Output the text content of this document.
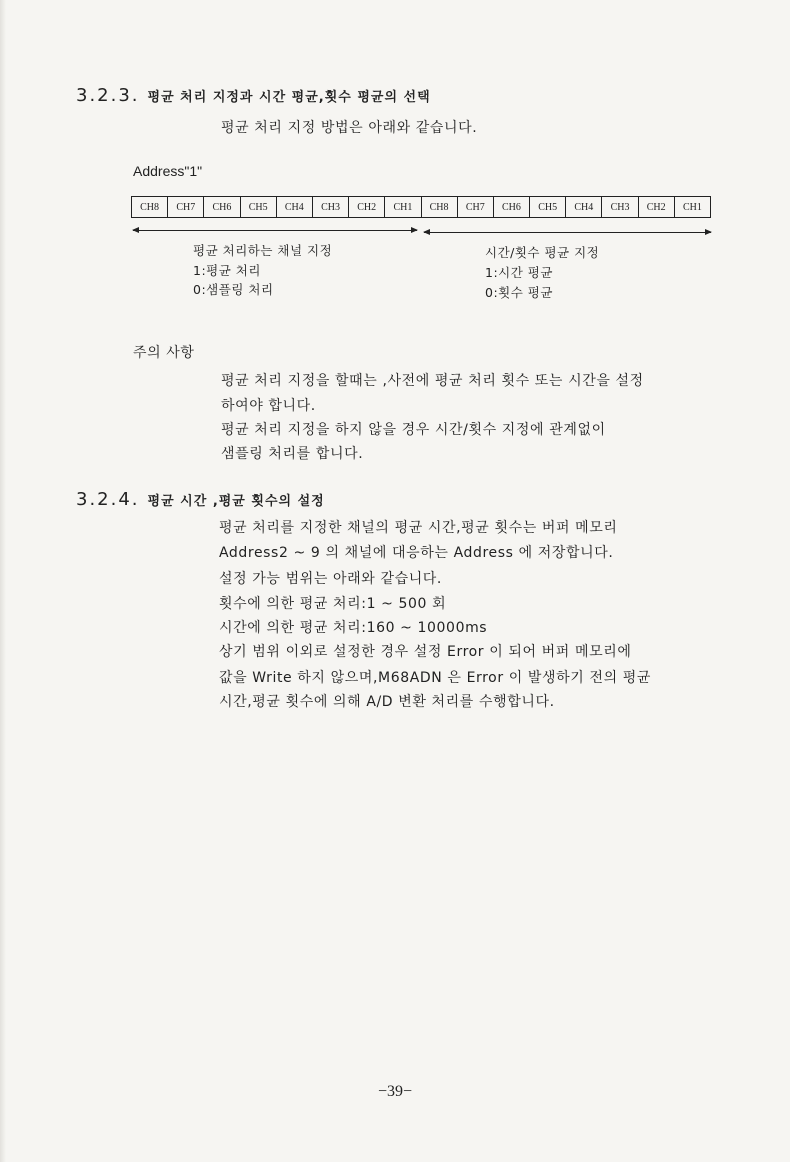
3.2.3. 평균 처리 지정과 시간 평균,횟수 평균의 선택
평균 처리 지정 방법은 아래와 같습니다.
Address"1"
CH8	CH7	CH6	CH5	CH4	CH3	CH2	CH1	CH8	CH7	CH6	CH5	CH4	CH3	CH2	CH1
평균 처리하는 채널 지정
1:평균 처리
0:샘플링 처리
시간/횟수 평균 지정
1:시간 평균
0:횟수 평균
주의 사항
평균 처리 지정을 할때는 ,사전에 평균 처리 횟수 또는 시간을 설정
하여야 합니다.
평균 처리 지정을 하지 않을 경우 시간/횟수 지정에 관계없이
샘플링 처리를 합니다.
3.2.4. 평균 시간 ,평균 횟수의 설정
평균 처리를 지정한 채널의 평균 시간,평균 횟수는 버퍼 메모리
Address2 ~ 9 의 채널에 대응하는 Address 에 저장합니다.
설정 가능 범위는 아래와 같습니다.
횟수에 의한 평균 처리:1 ~ 500 회
시간에 의한 평균 처리:160 ~ 10000ms
상기 범위 이외로 설정한 경우 설정 Error 이 되어 버퍼 메모리에
값을 Write 하지 않으며,M68ADN 은 Error 이 발생하기 전의 평균
시간,평균 횟수에 의해 A/D 변환 처리를 수행합니다.
−39−
